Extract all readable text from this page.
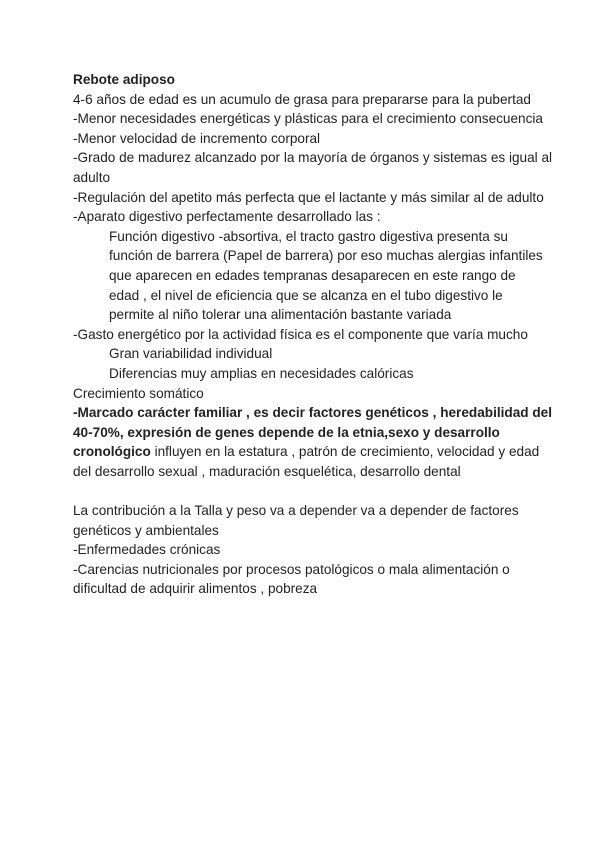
Rebote adiposo

4-6 años de edad es un acumulo de grasa para prepararse para la pubertad

-Menor necesidades energéticas y plásticas para el crecimiento consecuencia

-Menor velocidad de incremento corporal

-Grado de madurez alcanzado por la mayoría de órganos y sistemas es igual al adulto

-Regulación del apetito más perfecta que el lactante y más similar al de adulto

-Aparato digestivo perfectamente desarrollado las :

Función digestivo -absortiva, el tracto gastro digestiva presenta su función de barrera (Papel de barrera) por eso muchas alergias infantiles que aparecen en edades tempranas desaparecen en este rango de edad , el nivel de eficiencia que se alcanza en el tubo digestivo le permite al niño tolerar una alimentación bastante variada

-Gasto energético por la actividad física es el componente que varía mucho

Gran variabilidad individual

Diferencias muy amplias en necesidades calóricas

Crecimiento somático

-Marcado carácter familiar , es decir factores genéticos , heredabilidad del 40-70%, expresión de genes depende de la etnia,sexo y desarrollo cronológico influyen en la estatura , patrón de crecimiento, velocidad y edad del desarrollo sexual , maduración esquelética, desarrollo dental

La contribución a la Talla y peso va a depender va a depender de factores genéticos y ambientales

-Enfermedades crónicas

-Carencias nutricionales por procesos patológicos o mala alimentación o dificultad de adquirir alimentos , pobreza
